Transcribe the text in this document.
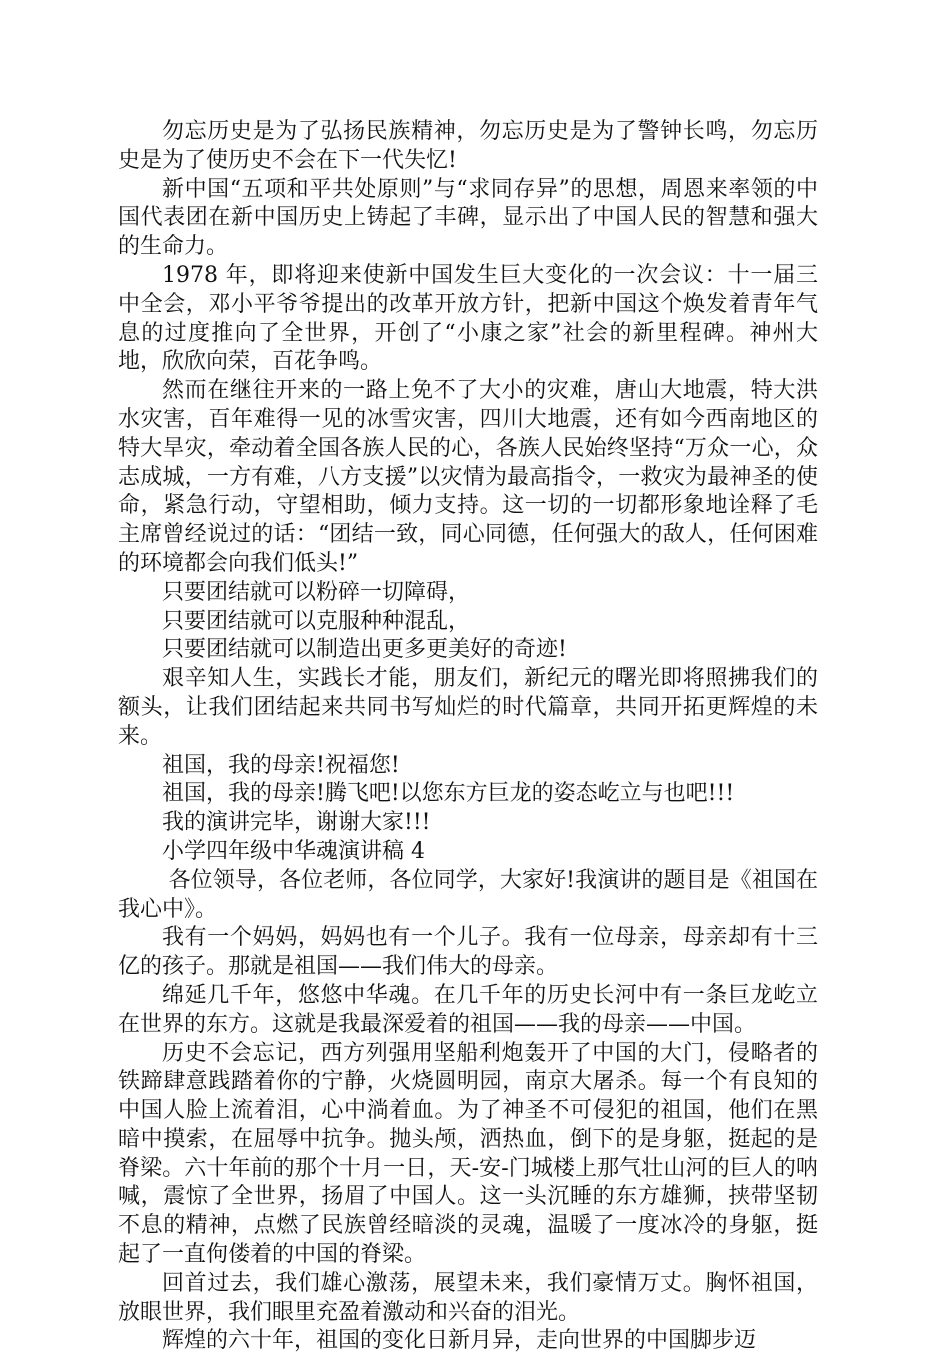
勿忘历史是为了弘扬民族精神，勿忘历史是为了警钟长鸣，勿忘历史是为了使历史不会在下一代失忆!

新中国“五项和平共处原则”与“求同存异”的思想，周恩来率领的中国代表团在新中国历史上铸起了丰碑，显示出了中国人民的智慧和强大的生命力。

1978 年，即将迎来使新中国发生巨大变化的一次会议：十一届三中全会，邓小平爷爷提出的改革开放方针，把新中国这个焕发着青年气息的过度推向了全世界，开创了“小康之家”社会的新里程碑。神州大地，欣欣向荣，百花争鸣。

然而在继往开来的一路上免不了大小的灾难，唐山大地震，特大洪水灾害，百年难得一见的冰雪灾害，四川大地震，还有如今西南地区的特大旱灾，牵动着全国各族人民的心，各族人民始终坚持“万众一心，众志成城，一方有难，八方支援”以灾情为最高指令，一救灾为最神圣的使命，紧急行动，守望相助，倾力支持。这一切的一切都形象地诠释了毛主席曾经说过的话：“团结一致，同心同德，任何强大的敌人，任何困难的环境都会向我们低头!”

只要团结就可以粉碎一切障碍，

只要团结就可以克服种种混乱，

只要团结就可以制造出更多更美好的奇迹!

艰辛知人生，实践长才能，朋友们，新纪元的曙光即将照拂我们的额头，让我们团结起来共同书写灿烂的时代篇章，共同开拓更辉煌的未来。

祖国，我的母亲!祝福您!

祖国，我的母亲!腾飞吧!以您东方巨龙的姿态屹立与也吧!!!

我的演讲完毕，谢谢大家!!!

小学四年级中华魂演讲稿 4

各位领导，各位老师，各位同学，大家好!我演讲的题目是《祖国在我心中》。

我有一个妈妈，妈妈也有一个儿子。我有一位母亲，母亲却有十三亿的孩子。那就是祖国——我们伟大的母亲。

绵延几千年，悠悠中华魂。在几千年的历史长河中有一条巨龙屹立在世界的东方。这就是我最深爱着的祖国——我的母亲——中国。

历史不会忘记，西方列强用坚船利炮轰开了中国的大门，侵略者的铁蹄肆意践踏着你的宁静，火烧圆明园，南京大屠杀。每一个有良知的中国人脸上流着泪，心中淌着血。为了神圣不可侵犯的祖国，他们在黑暗中摸索，在屈辱中抗争。抛头颅，洒热血，倒下的是身躯，挺起的是脊梁。六十年前的那个十月一日，天-安-门城楼上那气壮山河的巨人的呐喊，震惊了全世界，扬眉了中国人。这一头沉睡的东方雄狮，挟带坚韧不息的精神，点燃了民族曾经暗淡的灵魂，温暖了一度冰冷的身躯，挺起了一直佝偻着的中国的脊梁。

回首过去，我们雄心激荡，展望未来，我们豪情万丈。胸怀祖国，放眼世界，我们眼里充盈着激动和兴奋的泪光。

辉煌的六十年，祖国的变化日新月异，走向世界的中国脚步迈
